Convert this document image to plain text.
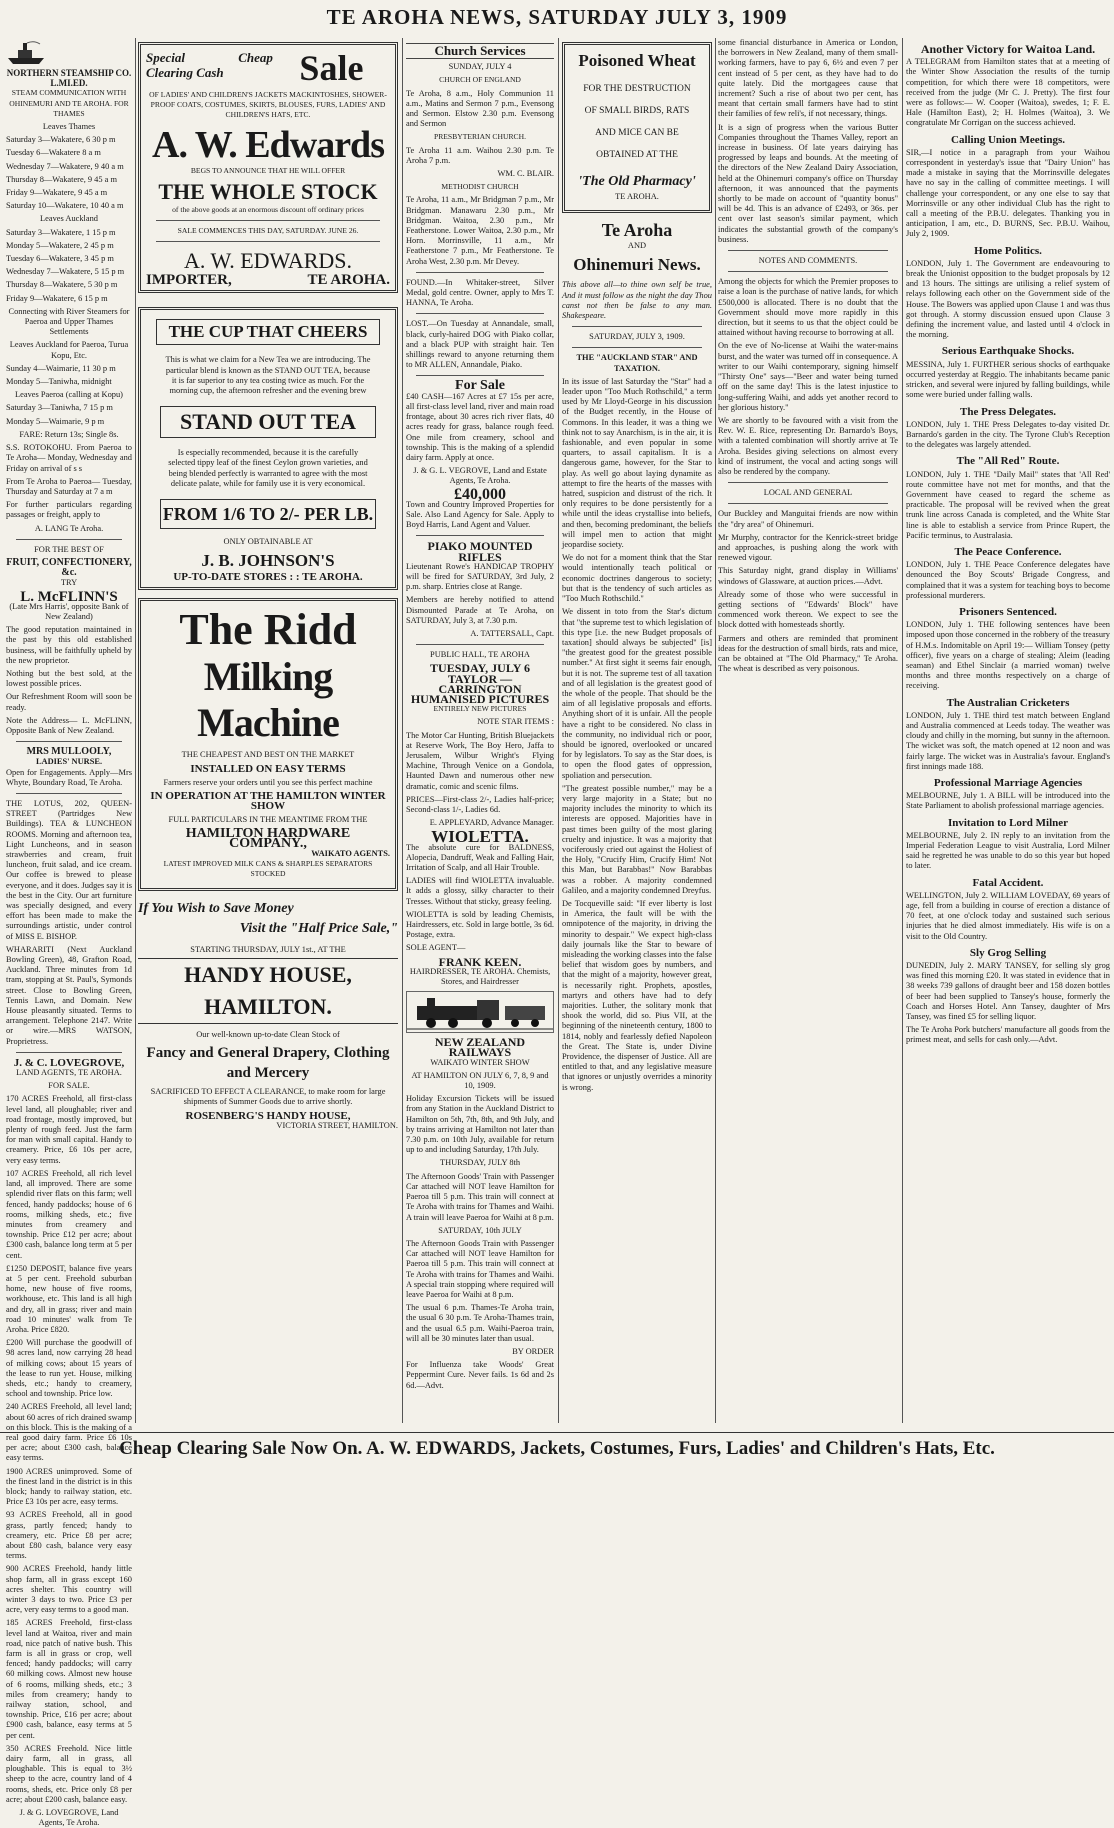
TE AROHA NEWS, SATURDAY JULY 3, 1909
NORTHERN STEAMSHIP CO. L.MI.ED.

STEAM COMMUNICATION WITH OHINEMURI AND TE AROHA. FOR THAMES

Leaves Thames

Saturday 3—Wakatere, 6 30 p m

Tuesday 6—Wakatere 8 a m

Wednesday 7—Wakatere, 9 40 a m

Thursday 8—Wakatere, 9 45 a m

Friday 9—Wakatere, 9 45 a m

Saturday 10—Wakatere, 10 40 a m

Leaves Auckland

Saturday 3—Wakatere, 1 15 p m

Monday 5—Wakatere, 2 45 p m

Tuesday 6—Wakatere, 3 45 p m

Wednesday 7—Wakatere, 5 15 p m

Thursday 8—Wakatere, 5 30 p m

Friday 9—Wakatere, 6 15 p m

Connecting with River Steamers for Paeroa and Upper Thames Settlements

Leaves Auckland for Paeroa, Turua Kopu, Etc.

Sunday 4—Waimarie, 11 30 p m

Monday 5—Taniwha, midnight

Leaves Paeroa (calling at Kopu)

Saturday 3—Taniwha, 7 15 p m

Monday 5—Waimarie, 9 p m

FARE: Return 13s; Single 8s.

S.S. ROTOKOHU. From Paeroa to Te Aroha— Monday, Wednesday and Friday on arrival of s s

From Te Aroha to Paeroa— Tuesday, Thursday and Saturday at 7 a m

For further particulars regarding passages or freight, apply to

A. LANG Te Aroha.

FOR THE BEST OF

FRUIT, CONFECTIONERY, &c.

TRY

L. McFLINN'S

(Late Mrs Harris', opposite Bank of New Zealand)

The good reputation maintained in the past by this old established business, will be faithfully upheld by the new proprietor.

Nothing but the best sold, at the lowest possible prices.

Our Refreshment Room will soon be ready.

Note the Address— L. McFLINN, Opposite Bank of New Zealand.

MRS MULLOOLY,
LADIES' NURSE.

Open for Engagements. Apply—Mrs Whyte, Boundary Road, Te Aroha.

THE LOTUS, 202, QUEEN-STREET (Partridges New Buildings). TEA & LUNCHEON ROOMS. Morning and afternoon tea, Light Luncheons, and in season strawberries and cream, fruit luncheon, fruit salad, and ice cream. Our coffee is brewed to please everyone, and it does. Judges say it is the best in the City. Our art furniture was specially designed, and every effort has been made to make the surroundings artistic, under control of MISS E. BISHOP.

WHARARITI (Next Auckland Bowling Green), 48, Grafton Road, Auckland. Three minutes from 1d tram, stopping at St. Paul's, Symonds street. Close to Bowling Green, Tennis Lawn, and Domain. New House pleasantly situated. Terms to arrangement. Telephone 2147. Write or wire.—MRS WATSON, Proprietress.

J. & C. LOVEGROVE,

LAND AGENTS, TE AROHA.

FOR SALE.

170 ACRES Freehold, all first-class level land, all ploughable; river and road frontage, mostly improved, but plenty of rough feed. Just the farm for man with small capital. Handy to creamery. Price, £6 10s per acre, very easy terms.

107 ACRES Freehold, all rich level land, all improved. There are some splendid river flats on this farm; well fenced, handy paddocks; house of 6 rooms, milking sheds, etc.; five minutes from creamery and township. Price £12 per acre; about £300 cash, balance long term at 5 per cent.

£1250 DEPOSIT, balance five years at 5 per cent. Freehold suburban home, new house of five rooms, workhouse, etc. This land is all high and dry, all in grass; river and main road 10 minutes' walk from Te Aroha. Price £820.

£200 Will purchase the goodwill of 98 acres land, now carrying 28 head of milking cows; about 15 years of the lease to run yet. House, milking sheds, etc.; handy to creamery, school and township. Price low.

240 ACRES Freehold, all level land; about 60 acres of rich drained swamp on this block. This is the making of a real good dairy farm. Price £6 10s per acre; about £300 cash, balance easy terms.

1900 ACRES unimproved. Some of the finest land in the district is in this block; handy to railway station, etc. Price £3 10s per acre, easy terms.

93 ACRES Freehold, all in good grass, partly fenced; handy to creamery, etc. Price £8 per acre; about £80 cash, balance very easy terms.

900 ACRES Freehold, handy little shop farm, all in grass except 160 acres shelter. This country will winter 3 days to two. Price £3 per acre, very easy terms to a good man.

185 ACRES Freehold, first-class level land at Waitoa, river and main road, nice patch of native bush. This farm is all in grass or crop, well fenced; handy paddocks; will carry 60 milking cows. Almost new house of 6 rooms, milking sheds, etc.; 3 miles from creamery; handy to railway station, school, and township. Price, £16 per acre; about £900 cash, balance, easy terms at 5 per cent.

350 ACRES Freehold. Nice little dairy farm, all in grass, all ploughable. This is equal to 3½ sheep to the acre, country land of 4 rooms, sheds, etc. Price only £8 per acre; about £200 cash, balance easy.

J. & G. LOVEGROVE, Land Agents, Te Aroha.

Special Cheap Clearing Cash	Sale

OF LADIES' AND CHILDREN'S JACKETS MACKINTOSHES, SHOWER-PROOF COATS, COSTUMES, SKIRTS, BLOUSES, FURS, LADIES' AND CHILDREN'S HATS, ETC.

A. W. Edwards

BEGS TO ANNOUNCE THAT HE WILL OFFER

THE WHOLE STOCK

of the above goods at an enormous discount off ordinary prices

SALE COMMENCES THIS DAY, SATURDAY. JUNE 26.

A. W. EDWARDS.
IMPORTER,	TE AROHA.
THE CUP THAT CHEERS

This is what we claim for a New Tea we are introducing. The particular blend is known as the STAND OUT TEA, because it is far superior to any tea costing twice as much. For the morning cup, the afternoon refresher and the evening brew

STAND OUT TEA

Is especially recommended, because it is the carefully selected tippy leaf of the finest Ceylon grown varieties, and being blended perfectly is warranted to agree with the most delicate palate, while for family use it is very economical.

FROM 1/6 TO 2/- PER LB.

ONLY OBTAINABLE AT

J. B. JOHNSON'S
UP-TO-DATE STORES : : TE AROHA.
The Ridd
Milking Machine

THE CHEAPEST AND BEST ON THE MARKET

INSTALLED ON EASY TERMS

Farmers reserve your orders until you see this perfect machine

IN OPERATION AT THE HAMILTON WINTER SHOW

FULL PARTICULARS IN THE MEANTIME FROM THE

HAMILTON HARDWARE COMPANY.,
WAIKATO AGENTS.

LATEST IMPROVED MILK CANS & SHARPLES SEPARATORS STOCKED

If You Wish to Save Money
Visit the "Half Price Sale,"

STARTING THURSDAY, JULY 1st., AT THE

HANDY HOUSE, HAMILTON.

Our well-known up-to-date Clean Stock of

Fancy and General Drapery, Clothing and Mercery

SACRIFICED TO EFFECT A CLEARANCE, to make room for large shipments of Summer Goods due to arrive shortly.

ROSENBERG'S HANDY HOUSE,
VICTORIA STREET, HAMILTON.
Church Services

SUNDAY, JULY 4

CHURCH OF ENGLAND

Te Aroha, 8 a.m., Holy Communion 11 a.m., Matins and Sermon 7 p.m., Evensong and Sermon. Elstow 2.30 p.m. Evensong and Sermon

PRESBYTERIAN CHURCH.

Te Aroha 11 a.m. Waihou 2.30 p.m. Te Aroha 7 p.m.

WM. C. BLAIR.

METHODIST CHURCH

Te Aroha, 11 a.m., Mr Bridgman 7 p.m., Mr Bridgman. Manawaru 2.30 p.m., Mr Bridgman. Waitoa, 2.30 p.m., Mr Featherstone. Lower Waitoa, 2.30 p.m., Mr Horn. Morrinsville, 11 a.m., Mr Featherstone 7 p.m., Mr Featherstone. Te Aroha West, 2.30 p.m. Mr Devey.

FOUND.—In Whitaker-street, Silver Medal, gold centre. Owner, apply to Mrs T. HANNA, Te Aroha.

LOST.—On Tuesday at Annandale, small, black, curly-haired DOG with Piako collar, and a black PUP with straight hair. Ten shillings reward to anyone returning them to MR ALLEN, Annandale, Piako.

For Sale

£40 CASH—167 Acres at £7 15s per acre, all first-class level land, river and main road frontage, about 30 acres rich river flats, 40 acres ready for grass, balance rough feed. One mile from creamery, school and township. This is the making of a splendid dairy farm. Apply at once.

J. & G. L. VEGROVE, Land and Estate Agents, Te Aroha.

£40,000

Town and Country Improved Properties for Sale. Also Land Agency for Sale. Apply to Boyd Harris, Land Agent and Valuer.

PIAKO MOUNTED RIFLES

Lieutenant Rowe's HANDICAP TROPHY will be fired for SATURDAY, 3rd July, 2 p.m. sharp. Entries close at Range.

Members are hereby notified to attend Dismounted Parade at Te Aroha, on SATURDAY, July 3, at 7.30 p.m.

A. TATTERSALL, Capt.

PUBLIC HALL, TE AROHA

TUESDAY, JULY 6
TAYLOR — CARRINGTON
HUMANISED PICTURES

ENTIRELY NEW PICTURES

NOTE STAR ITEMS :

The Motor Car Hunting, British Bluejackets at Reserve Work, The Boy Hero, Jaffa to Jerusalem, Wilbur Wright's Flying Machine, Through Venice on a Gondola, Haunted Dawn and numerous other new dramatic, comic and scenic films.

PRICES—First-class 2/-, Ladies half-price; Second-class 1/-, Ladies 6d.

E. APPLEYARD, Advance Manager.

WIOLETTA.

The absolute cure for BALDNESS, Alopecia, Dandruff, Weak and Falling Hair, Irritation of Scalp, and all Hair Trouble.

LADIES will find WIOLETTA invaluable. It adds a glossy, silky character to their Tresses. Without that sticky, greasy feeling.

WIOLETTA is sold by leading Chemists, Hairdressers, etc. Sold in large bottle, 3s 6d. Postage, extra.

SOLE AGENT—

FRANK KEEN.

HAIRDRESSER, TE AROHA. Chemists, Stores, and Hairdresser

NEW ZEALAND RAILWAYS

WAIKATO WINTER SHOW

AT HAMILTON ON JULY 6, 7, 8, 9 and 10, 1909.

Holiday Excursion Tickets will be issued from any Station in the Auckland District to Hamilton on 5th, 7th, 8th, and 9th July, and by trains arriving at Hamilton not later than 7.30 p.m. on 10th July, available for return up to and including Saturday, 17th July.

THURSDAY, JULY 8th

The Afternoon Goods' Train with Passenger Car attached will NOT leave Hamilton for Paeroa till 5 p.m. This train will connect at Te Aroha with trains for Thames and Waihi. A train will leave Paeroa for Waihi at 8 p.m.

SATURDAY, 10th JULY

The Afternoon Goods Train with Passenger Car attached will NOT leave Hamilton for Paeroa till 5 p.m. This train will connect at Te Aroha with trains for Thames and Waihi. A special train stopping where required will leave Paeroa for Waihi at 8 p.m.

The usual 6 p.m. Thames-Te Aroha train, the usual 6 30 p.m. Te Aroha-Thames train, and the usual 6.5 p.m. Waihi-Paeroa train, will all be 30 minutes later than usual.

BY ORDER

For Influenza take Woods' Great Peppermint Cure. Never fails. 1s 6d and 2s 6d.—Advt.

Poisoned Wheat

FOR THE DESTRUCTION OF SMALL BIRDS, RATS AND MICE CAN BE OBTAINED AT THE

'The Old Pharmacy'

TE AROHA.

Te Aroha

AND

Ohinemuri News.

This above all—to thine own self be true, And it must follow as the night the day Thou canst not then be false to any man. Shakespeare.

SATURDAY, JULY 3, 1909.

THE "AUCKLAND STAR" AND TAXATION.

In its issue of last Saturday the "Star" had a leader upon "Too Much Rothschild," a term used by Mr Lloyd-George in his discussion of the Budget recently, in the House of Commons. In this leader, it was a thing we think not to say Anarchism, is in the air, it is fashionable, and even popular in some quarters, to assail capitalism. It is a dangerous game, however, for the Star to play. As well go about laying dynamite as attempt to fire the hearts of the masses with hatred, suspicion and distrust of the rich. It only requires to be done persistently for a while until the ideas crystallise into beliefs, and then, becoming predominant, the beliefs will impel men to action that might jeopardise society.

We do not for a moment think that the Star would intentionally teach political or economic doctrines dangerous to society; but that is the tendency of such articles as "Too Much Rothschild."

We dissent in toto from the Star's dictum that "the supreme test to which legislation of this type [i.e. the new Budget proposals of taxation] should always be subjected" [is] "the greatest good for the greatest possible number." At first sight it seems fair enough, but it is not. The supreme test of all taxation and of all legislation is the greatest good of the whole of the people. That should be the aim of all legislative proposals and efforts. Anything short of it is unfair. All the people have a right to be considered. No class in the community, no individual rich or poor, should be ignored, overlooked or uncared for by legislators. To say as the Star does, is to open the flood gates of oppression, spoliation and persecution.

"The greatest possible number," may be a very large majority in a State; but no majority includes the minority to which its interests are opposed. Majorities have in past times been guilty of the most glaring cruelty and injustice. It was a majority that vociferously cried out against the Holiest of the Holy, "Crucify Him, Crucify Him! Not this Man, but Barabbas!" Now Barabbas was a robber. A majority condemned Galileo, and a majority condemned Dreyfus.

De Tocqueville said: "If ever liberty is lost in America, the fault will be with the omnipotence of the majority, in driving the minority to despair." We expect high-class daily journals like the Star to beware of misleading the working classes into the false belief that wisdom goes by numbers, and that the might of a majority, however great, is necessarily right. Prophets, apostles, martyrs and others have had to defy majorities. Luther, the solitary monk that shook the world, did so. Pius VII, at the beginning of the nineteenth century, 1800 to 1814, nobly and fearlessly defied Napoleon the Great. The State is, under Divine Providence, the dispenser of Justice. All are entitled to that, and any legislative measure that ignores or unjustly overrides a minority is wrong.

some financial disturbance in America or London, the borrowers in New Zealand, many of them small-working farmers, have to pay 6, 6½ and even 7 per cent instead of 5 per cent, as they have had to do quite lately. Did the mortgagees cause that increment? Such a rise of about two per cent, has meant that certain small farmers have had to stint their families of few reli's, if not necessary, things.

It is a sign of progress when the various Butter Companies throughout the Thames Valley, report an increase in business. Of late years dairying has progressed by leaps and bounds. At the meeting of the directors of the New Zealand Dairy Association, held at the Ohinemuri company's office on Thursday afternoon, it was announced that the payments shortly to be made on account of "quantity bonus" will be 4d. This is an advance of £2493, or 36s. per cent over last season's similar payment, which indicates the substantial growth of the company's business.

NOTES AND COMMENTS.

Among the objects for which the Premier proposes to raise a loan is the purchase of native lands, for which £500,000 is allocated. There is no doubt that the Government should move more rapidly in this direction, but it seems to us that the object could be attained without having recourse to borrowing at all.

On the eve of No-license at Waihi the water-mains burst, and the water was turned off in consequence. A writer to our Waihi contemporary, signing himself "Thirsty One" says—"Beer and water being turned off on the same day! This is the latest injustice to long-suffering Waihi, and adds yet another record to her glorious history."

We are shortly to be favoured with a visit from the Rev. W. E. Rice, representing Dr. Barnardo's Boys, with a talented combination will shortly arrive at Te Aroha. Besides giving selections on almost every kind of instrument, the vocal and acting songs will also be rendered by the company.

LOCAL AND GENERAL

Our Buckley and Manguitai friends are now within the "dry area" of Ohinemuri.

Mr Murphy, contractor for the Kenrick-street bridge and approaches, is pushing along the work with renewed vigour.

This Saturday night, grand display in Williams' windows of Glassware, at auction prices.—Advt.

Already some of those who were successful in getting sections of "Edwards' Block" have commenced work thereon. We expect to see the block dotted with homesteads shortly.

Farmers and others are reminded that prominent ideas for the destruction of small birds, rats and mice, can be obtained at "The Old Pharmacy," Te Aroha. The wheat is described as very poisonous.

Another Victory for Waitoa Land.

A TELEGRAM from Hamilton states that at a meeting of the Winter Show Association the results of the turnip competition, for which there were 18 competitors, were received from the judge (Mr C. J. Pretty). The first four were as follows:— W. Cooper (Waitoa), swedes, 1; F. E. Hale (Hamilton East), 2; H. Holmes (Waitoa), 3. We congratulate Mr Corrigan on the success achieved.

Calling Union Meetings.

SIR,—I notice in a paragraph from your Waihou correspondent in yesterday's issue that "Dairy Union" has made a mistake in saying that the Morrinsville delegates have no say in the calling of committee meetings. I will challenge your correspondent, or any one else to say that Morrinsville or any other individual Club has the right to call a meeting of the P.B.U. delegates. Thanking you in anticipation, I am, etc., D. BURNS, Sec. P.B.U. Waihou, July 2, 1909.

Home Politics.

LONDON, July 1. The Government are endeavouring to break the Unionist opposition to the budget proposals by 12 and 13 hours. The sittings are utilising a relief system of relays following each other on the Government side of the House. The Bowers was applied upon Clause 1 and was thus got through. A stormy discussion ensued upon Clause 3 defining the increment value, and lasted until 4 o'clock in the morning.

Serious Earthquake Shocks.

MESSINA, July 1. FURTHER serious shocks of earthquake occurred yesterday at Reggio. The inhabitants became panic stricken, and several were injured by falling buildings, while some were buried under falling walls.

The Press Delegates.

LONDON, July 1. THE Press Delegates to-day visited Dr. Barnardo's garden in the city. The Tyrone Club's Reception to the delegates was largely attended.

The "All Red" Route.

LONDON, July 1. THE "Daily Mail" states that 'All Red' route committee have not met for months, and that the Government have ceased to regard the scheme as practicable. The proposal will be revived when the great trunk line across Canada is completed, and the White Star line is able to establish a service from Prince Rupert, the Pacific terminus, to Australasia.

The Peace Conference.

LONDON, July 1. THE Peace Conference delegates have denounced the Boy Scouts' Brigade Congress, and complained that it was a system for teaching boys to become professional murderers.

Prisoners Sentenced.

LONDON, July 1. THE following sentences have been imposed upon those concerned in the robbery of the treasury of H.M.s. Indomitable on April 19:— William Tonsey (petty officer), five years on a charge of stealing; Aleim (leading seaman) and Ethel Sinclair (a married woman) twelve months and three months respectively on a charge of receiving.

The Australian Cricketers

LONDON, July 1. THE third test match between England and Australia commenced at Leeds today. The weather was cloudy and chilly in the morning, but sunny in the afternoon. The wicket was soft, the match opened at 12 noon and was fairly large. The wicket was in Australia's favour. England's first innings made 188.

Professional Marriage Agencies

MELBOURNE, July 1. A BILL will be introduced into the State Parliament to abolish professional marriage agencies.

Invitation to Lord Milner

MELBOURNE, July 2. IN reply to an invitation from the Imperial Federation League to visit Australia, Lord Milner said he regretted he was unable to do so this year but hoped to later.

Fatal Accident.

WELLINGTON, July 2. WILLIAM LOVEDAY, 69 years of age, fell from a building in course of erection a distance of 70 feet, at one o'clock today and sustained such serious injuries that he died almost immediately. His wife is on a visit to the Old Country.

Sly Grog Selling

DUNEDIN, July 2. MARY TANSEY, for selling sly grog was fined this morning £20. It was stated in evidence that in 38 weeks 739 gallons of draught beer and 158 dozen bottles of beer had been supplied to Tansey's house, formerly the Coach and Horses Hotel. Ann Tansey, daughter of Mrs Tansey, was fined £5 for selling liquor.

The Te Aroha Pork butchers' manufacture all goods from the primest meat, and sells for cash only.—Advt.

Cheap Clearing Sale Now On. A. W. EDWARDS, Jackets, Costumes, Furs, Ladies' and Children's Hats, Etc.
